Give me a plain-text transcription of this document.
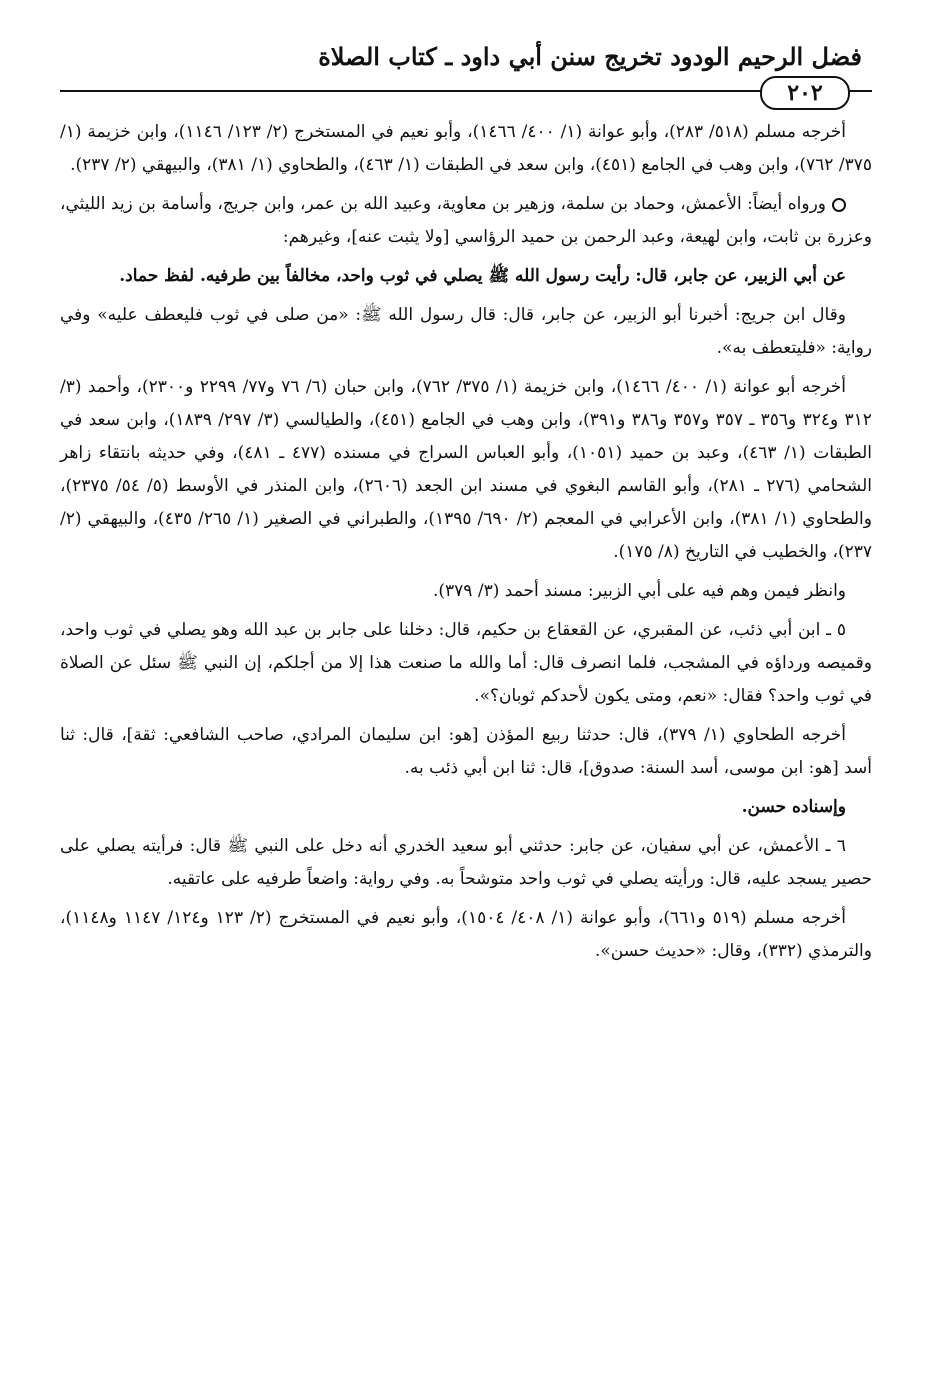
فضل الرحيم الودود تخريج سنن أبي داود ـ كتاب الصلاة
٢٠٢

أخرجه مسلم (٥١٨/ ٢٨٣)، وأبو عوانة (١/ ٤٠٠/ ١٤٦٦)، وأبو نعيم في المستخرج (٢/ ١٢٣/ ١١٤٦)، وابن خزيمة (١/ ٣٧٥/ ٧٦٢)، وابن وهب في الجامع (٤٥١)، وابن سعد في الطبقات (١/ ٤٦٣)، والطحاوي (١/ ٣٨١)، والبيهقي (٢/ ٢٣٧).

ورواه أيضاً: الأعمش، وحماد بن سلمة، وزهير بن معاوية، وعبيد الله بن عمر، وابن جريج، وأسامة بن زيد الليثي، وعزرة بن ثابت، وابن لهيعة، وعبد الرحمن بن حميد الرؤاسي [ولا يثبت عنه]، وغيرهم:

عن أبي الزبير، عن جابر، قال: رأيت رسول الله ﷺ يصلي في ثوب واحد، مخالفاً بين طرفيه. لفظ حماد.

وقال ابن جريج: أخبرنا أبو الزبير، عن جابر، قال: قال رسول الله ﷺ: «من صلى في ثوب فليعطف عليه» وفي رواية: «فليتعطف به».

أخرجه أبو عوانة (١/ ٤٠٠/ ١٤٦٦)، وابن خزيمة (١/ ٣٧٥/ ٧٦٢)، وابن حبان (٦/ ٧٦ و٧٧/ ٢٢٩٩ و٢٣٠٠)، وأحمد (٣/ ٣١٢ و٣٢٤ و٣٥٦ ـ ٣٥٧ و٣٥٧ و٣٨٦ و٣٩١)، وابن وهب في الجامع (٤٥١)، والطيالسي (٣/ ٢٩٧/ ١٨٣٩)، وابن سعد في الطبقات (١/ ٤٦٣)، وعبد بن حميد (١٠٥١)، وأبو العباس السراج في مسنده (٤٧٧ ـ ٤٨١)، وفي حديثه بانتقاء زاهر الشحامي (٢٧٦ ـ ٢٨١)، وأبو القاسم البغوي في مسند ابن الجعد (٢٦٠٦)، وابن المنذر في الأوسط (٥/ ٥٤/ ٢٣٧٥)، والطحاوي (١/ ٣٨١)، وابن الأعرابي في المعجم (٢/ ٦٩٠/ ١٣٩٥)، والطبراني في الصغير (١/ ٢٦٥/ ٤٣٥)، والبيهقي (٢/ ٢٣٧)، والخطيب في التاريخ (٨/ ١٧٥).

وانظر فيمن وهم فيه على أبي الزبير: مسند أحمد (٣/ ٣٧٩).

٥ ـ ابن أبي ذئب، عن المقبري، عن القعقاع بن حكيم، قال: دخلنا على جابر بن عبد الله وهو يصلي في ثوب واحد، وقميصه ورداؤه في المشجب، فلما انصرف قال: أما والله ما صنعت هذا إلا من أجلكم، إن النبي ﷺ سئل عن الصلاة في ثوب واحد؟ فقال: «نعم، ومتى يكون لأحدكم ثوبان؟».

أخرجه الطحاوي (١/ ٣٧٩)، قال: حدثنا ربيع المؤذن [هو: ابن سليمان المرادي، صاحب الشافعي: ثقة]، قال: ثنا أسد [هو: ابن موسى، أسد السنة: صدوق]، قال: ثنا ابن أبي ذئب به.

وإسناده حسن.

٦ ـ الأعمش، عن أبي سفيان، عن جابر: حدثني أبو سعيد الخدري أنه دخل على النبي ﷺ قال: فرأيته يصلي على حصير يسجد عليه، قال: ورأيته يصلي في ثوب واحد متوشحاً به. وفي رواية: واضعاً طرفيه على عاتقيه.

أخرجه مسلم (٥١٩ و٦٦١)، وأبو عوانة (١/ ٤٠٨/ ١٥٠٤)، وأبو نعيم في المستخرج (٢/ ١٢٣ و١٢٤/ ١١٤٧ و١١٤٨)، والترمذي (٣٣٢)، وقال: «حديث حسن».
